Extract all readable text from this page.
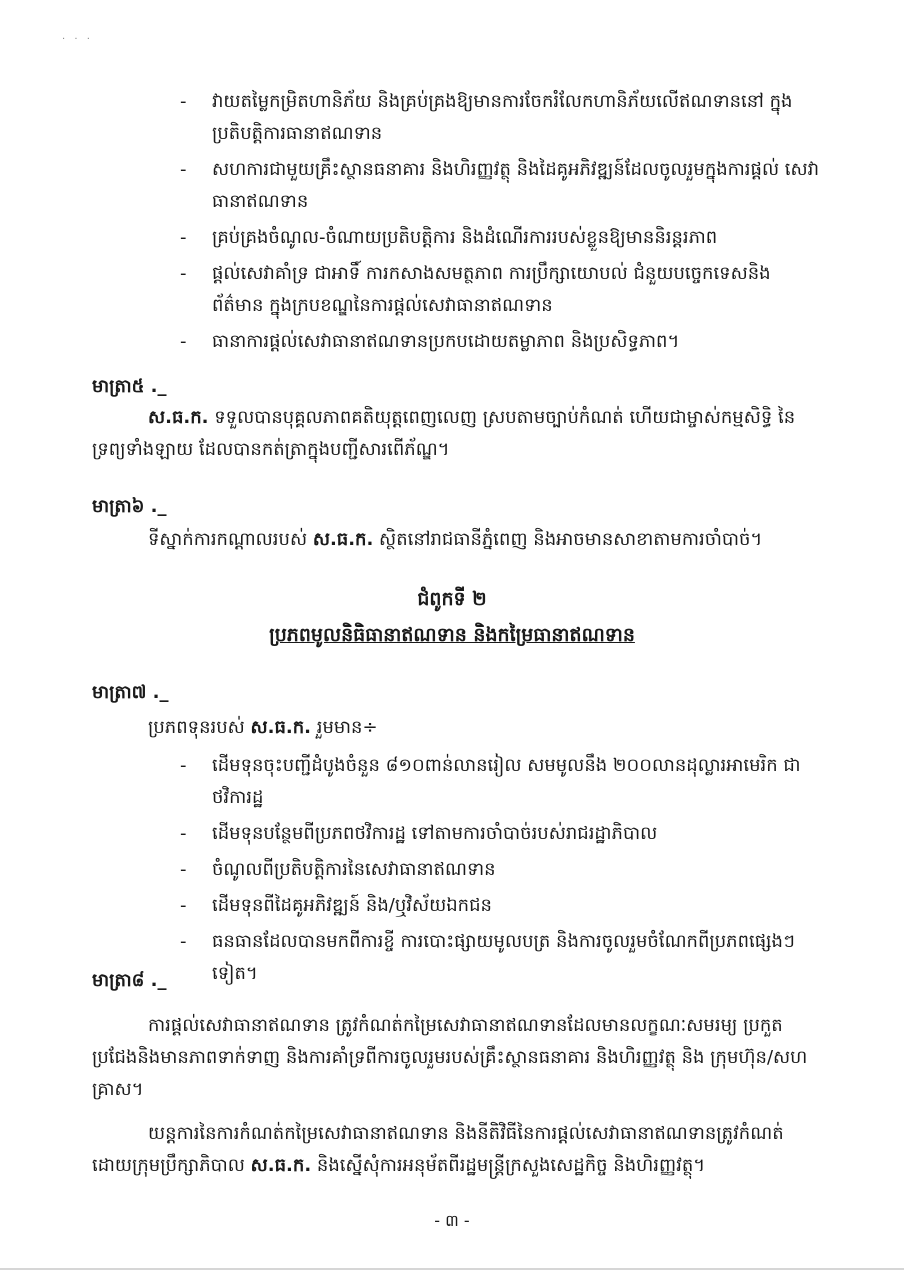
· · ·
- វាយតម្លៃកម្រិតហានិភ័យ និងគ្រប់គ្រងឱ្យមានការចែករំលែកហានិភ័យលើឥណទាននៅ ក្នុងប្រតិបត្តិការធានាឥណទាន
- សហការជាមួយគ្រឹះស្ថានធនាគារ និងហិរញ្ញវត្ថុ និងដៃគូអភិវឌ្ឍន៍ដែលចូលរួមក្នុងការផ្តល់ សេវាធានាឥណទាន
- គ្រប់គ្រងចំណូល-ចំណាយប្រតិបត្តិការ និងដំណើរការរបស់ខ្លួនឱ្យមាននិរន្តរភាព
- ផ្តល់សេវាគាំទ្រ ជាអាទិ៍ ការកសាងសមត្ថភាព ការប្រឹក្សាយោបល់ ជំនួយបច្ចេកទេសនិង ព័ត៌មាន ក្នុងក្របខណ្ឌនៃការផ្តល់សេវាធានាឥណទាន
- ធានាការផ្តល់សេវាធានាឥណទានប្រកបដោយតម្លាភាព និងប្រសិទ្ធភាព។
មាត្រា៥ ._

ស.ធ.ក. ទទួលបានបុគ្គលភាពគតិយុត្តពេញលេញ ស្របតាមច្បាប់កំណត់ ហើយជាម្ចាស់កម្មសិទ្ធិ នៃទ្រព្យទាំងឡាយ ដែលបានកត់ត្រាក្នុងបញ្ជីសារពើភ័ណ្ឌ។

មាត្រា៦ ._

ទីស្នាក់ការកណ្តាលរបស់ ស.ធ.ក. ស្ថិតនៅរាជធានីភ្នំពេញ និងអាចមានសាខាតាមការចាំបាច់។

ជំពូកទី ២
ប្រភពមូលនិធិធានាឥណទាន និងកម្រៃធានាឥណទាន
មាត្រា៧ ._

ប្រភពទុនរបស់ ស.ធ.ក. រួមមាន÷

- ដើមទុនចុះបញ្ជីដំបូងចំនួន ៨១០ពាន់លានរៀល សមមូលនឹង ២០០លានដុល្លារអាមេរិក ជាថវិការដ្ឋ
- ដើមទុនបន្ថែមពីប្រភពថវិការដ្ឋ ទៅតាមការចាំបាច់របស់រាជរដ្ឋាភិបាល
- ចំណូលពីប្រតិបត្តិការនៃសេវាធានាឥណទាន
- ដើមទុនពីដៃគូអភិវឌ្ឍន៍ និង/ឬវិស័យឯកជន
- ធនធានដែលបានមកពីការខ្ចី ការបោះផ្សាយមូលបត្រ និងការចូលរួមចំណែកពីប្រភពផ្សេងៗទៀត។
មាត្រា៨ ._

ការផ្តល់សេវាធានាឥណទាន ត្រូវកំណត់កម្រៃសេវាធានាឥណទានដែលមានលក្ខណៈសមរម្យ ប្រកួតប្រជែងនិងមានភាពទាក់ទាញ និងការគាំទ្រពីការចូលរួមរបស់គ្រឹះស្ថានធនាគារ និងហិរញ្ញវត្ថុ និង ក្រុមហ៊ុន/សហគ្រាស។

យន្តការនៃការកំណត់កម្រៃសេវាធានាឥណទាន និងនីតិវិធីនៃការផ្តល់សេវាធានាឥណទានត្រូវកំណត់ ដោយក្រុមប្រឹក្សាភិបាល ស.ធ.ក. និងស្នើសុំការអនុម័តពីរដ្ឋមន្ត្រីក្រសួងសេដ្ឋកិច្ច និងហិរញ្ញវត្ថុ។

- ៣ -
